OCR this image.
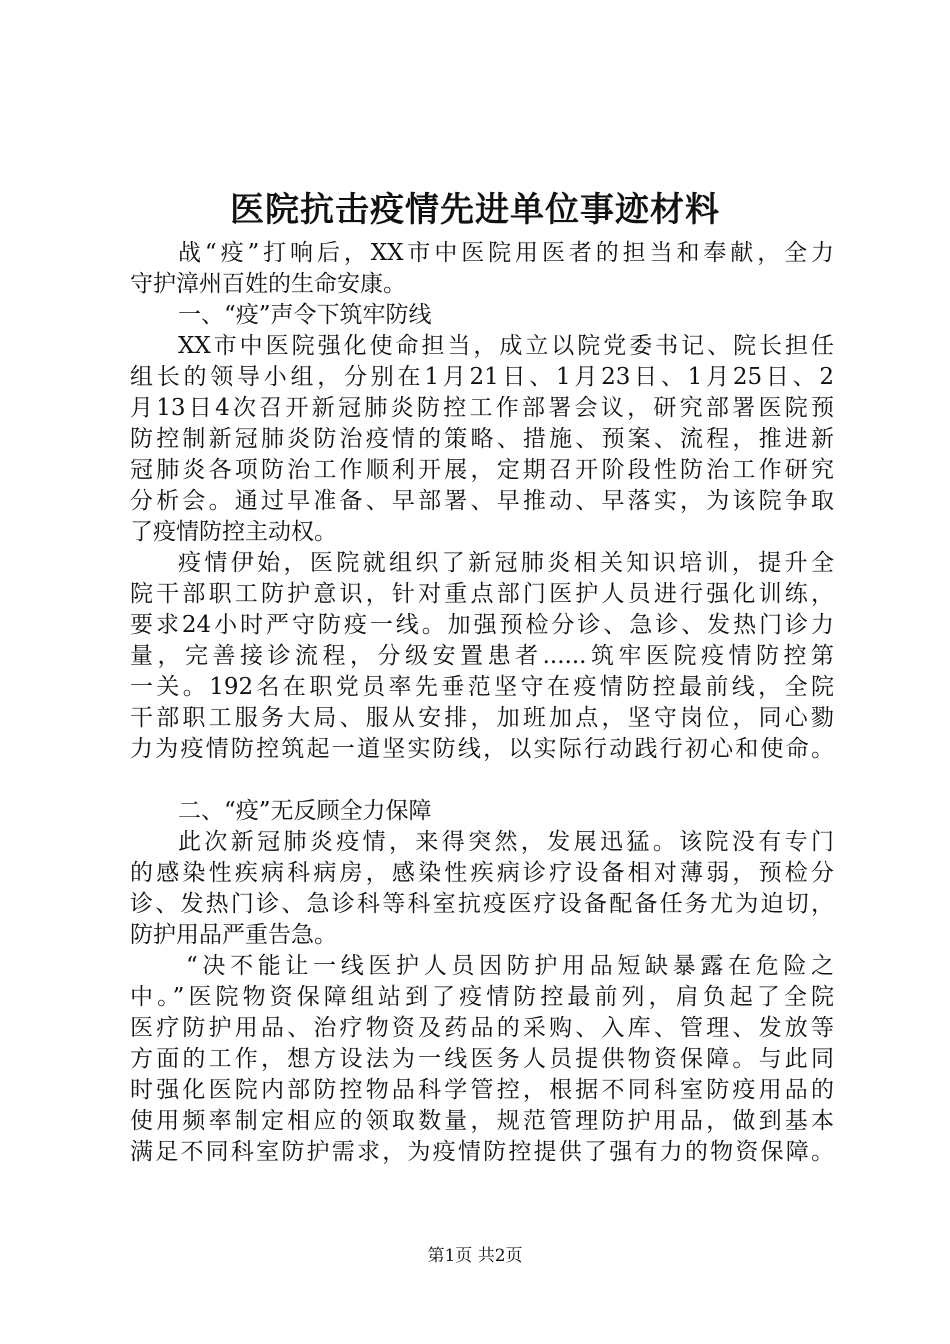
医院抗击疫情先进单位事迹材料
战“疫”打响后，XX市中医院用医者的担当和奉献，全力
守护漳州百姓的生命安康。
一、“疫”声令下筑牢防线
XX市中医院强化使命担当，成立以院党委书记、院长担任
组长的领导小组，分别在1月21日、1月23日、1月25日、2
月13日4次召开新冠肺炎防控工作部署会议，研究部署医院预
防控制新冠肺炎防治疫情的策略、措施、预案、流程，推进新
冠肺炎各项防治工作顺利开展，定期召开阶段性防治工作研究
分析会。通过早准备、早部署、早推动、早落实，为该院争取
了疫情防控主动权。
疫情伊始，医院就组织了新冠肺炎相关知识培训，提升全
院干部职工防护意识，针对重点部门医护人员进行强化训练，
要求24小时严守防疫一线。加强预检分诊、急诊、发热门诊力
量，完善接诊流程，分级安置患者......筑牢医院疫情防控第
一关。192名在职党员率先垂范坚守在疫情防控最前线，全院
干部职工服务大局、服从安排，加班加点，坚守岗位，同心勠
力为疫情防控筑起一道坚实防线，以实际行动践行初心和使命。
二、“疫”无反顾全力保障
此次新冠肺炎疫情，来得突然，发展迅猛。该院没有专门
的感染性疾病科病房，感染性疾病诊疗设备相对薄弱，预检分
诊、发热门诊、急诊科等科室抗疫医疗设备配备任务尤为迫切，
防护用品严重告急。
“决不能让一线医护人员因防护用品短缺暴露在危险之
中。”医院物资保障组站到了疫情防控最前列，肩负起了全院
医疗防护用品、治疗物资及药品的采购、入库、管理、发放等
方面的工作，想方设法为一线医务人员提供物资保障。与此同
时强化医院内部防控物品科学管控，根据不同科室防疫用品的
使用频率制定相应的领取数量，规范管理防护用品，做到基本
满足不同科室防护需求，为疫情防控提供了强有力的物资保障。
第1页 共2页
